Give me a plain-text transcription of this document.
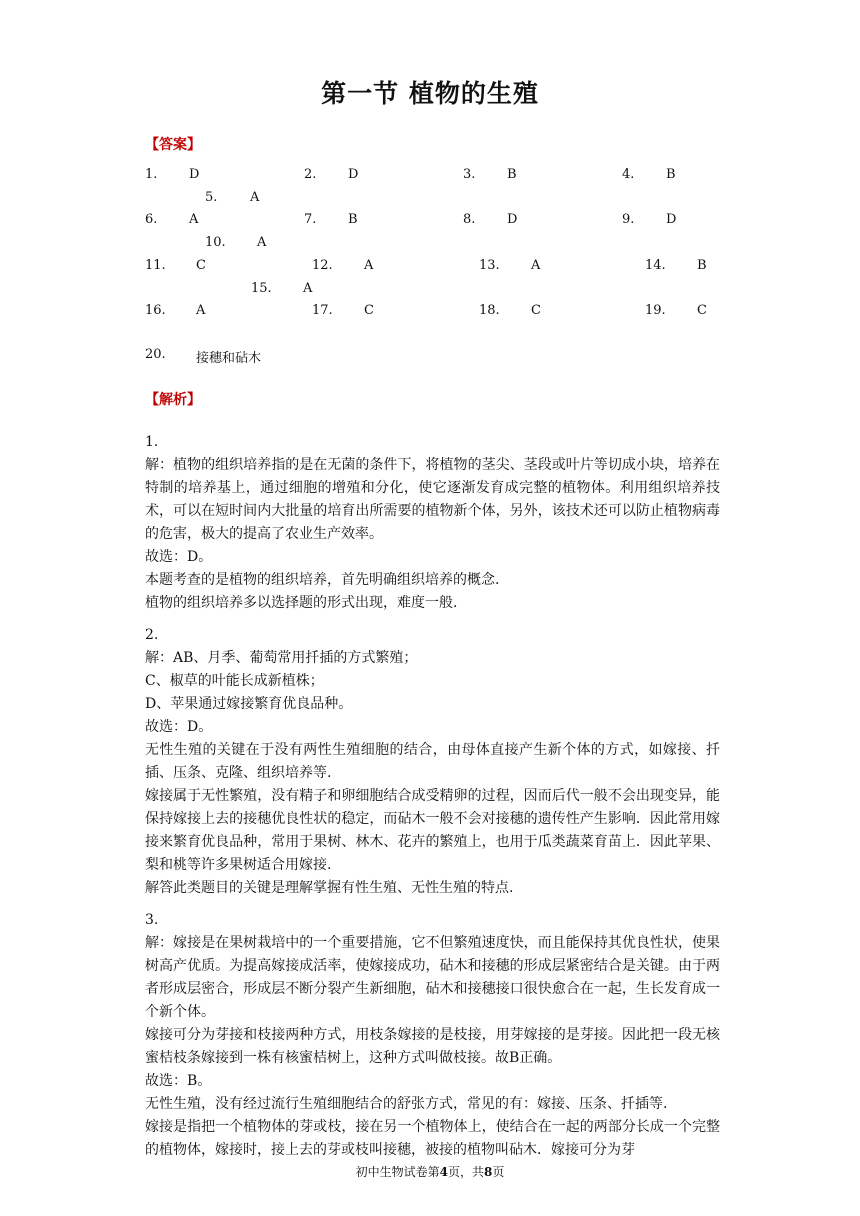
第一节 植物的生殖
【答案】
1. D	2. D	3. B	4. B
5.	A
6. A	7. B	8. D	9. D
10. A
11. C	12. A	13. A	14. B
15. A
16. A	17. C	18. C	19. C
20. 接穗和砧木
【解析】

1.

解：植物的组织培养指的是在无菌的条件下，将植物的茎尖、茎段或叶片等切成小块，培养在特制的培养基上，通过细胞的增殖和分化，使它逐渐发育成完整的植物体。利用组织培养技术，可以在短时间内大批量的培育出所需要的植物新个体，另外，该技术还可以防止植物病毒的危害，极大的提高了农业生产效率。

故选：D。

本题考查的是植物的组织培养，首先明确组织培养的概念.

植物的组织培养多以选择题的形式出现，难度一般.

2.

解：AB、月季、葡萄常用扦插的方式繁殖；

C、椒草的叶能长成新植株；

D、苹果通过嫁接繁育优良品种。

故选：D。

无性生殖的关键在于没有两性生殖细胞的结合，由母体直接产生新个体的方式，如嫁接、扦插、压条、克隆、组织培养等.

嫁接属于无性繁殖，没有精子和卵细胞结合成受精卵的过程，因而后代一般不会出现变异，能保持嫁接上去的接穗优良性状的稳定，而砧木一般不会对接穗的遗传性产生影响．因此常用嫁接来繁育优良品种，常用于果树、林木、花卉的繁殖上，也用于瓜类蔬菜育苗上．因此苹果、梨和桃等许多果树适合用嫁接.

解答此类题目的关键是理解掌握有性生殖、无性生殖的特点.

3.

解：嫁接是在果树栽培中的一个重要措施，它不但繁殖速度快，而且能保持其优良性状，使果树高产优质。为提高嫁接成活率，使嫁接成功，砧木和接穗的形成层紧密结合是关键。由于两者形成层密合，形成层不断分裂产生新细胞，砧木和接穗接口很快愈合在一起，生长发育成一个新个体。

嫁接可分为芽接和枝接两种方式，用枝条嫁接的是枝接，用芽嫁接的是芽接。因此把一段无核蜜桔枝条嫁接到一株有核蜜桔树上，这种方式叫做枝接。故B正确。

故选：B。

无性生殖，没有经过流行生殖细胞结合的舒张方式，常见的有：嫁接、压条、扦插等.

嫁接是指把一个植物体的芽或枝，接在另一个植物体上，使结合在一起的两部分长成一个完整的植物体，嫁接时，接上去的芽或枝叫接穗，被接的植物叫砧木．嫁接可分为芽

初中生物试卷第4页，共8页
